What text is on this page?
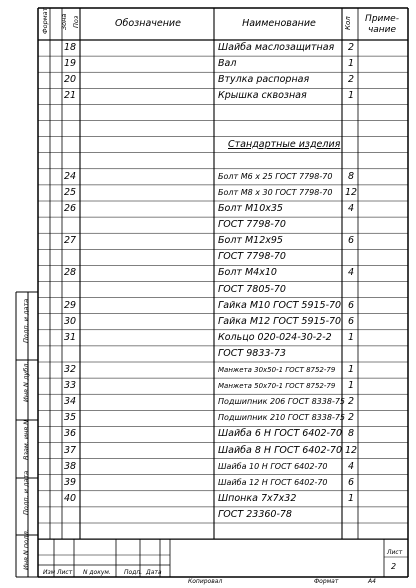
Формат Зона Поз	Обозначение	Наименование	Кол	Приме-
чание
18	Шайба маслозащитная	2
19	Вал	1
20	Втулка распорная	2
21	Крышка сквозная	1
Стандартные изделия
24	Болт М6 х 25 ГОСТ 7798-70	8
25	Болт М8 х 30 ГОСТ 7798-70 12
26	Болт М10х35	4
ГОСТ 7798-70
27	Болт М12х95	6
ГОСТ 7798-70
28	Болт М4х10	4
ГОСТ 7805-70
29	Гайка М10 ГОСТ 5915-70 6
30	Гайка М12 ГОСТ 5915-70 6
31	Кольцо 020-024-30-2-2	1
ГОСТ 9833-73
32	Манжета 30х50-1 ГОСТ 8752-79	1
33	Манжета 50х70-1 ГОСТ 8752-79	1
34	Подшипник 206 ГОСТ 8338-75 2
35	Подшипник 210 ГОСТ 8338-75 2
36	Шайба 6 Н ГОСТ 6402-70 8
37	Шайба 8 Н ГОСТ 6402-70 12
38	Шайба 10 Н ГОСТ 6402-70	4
39	Шайба 12 Н ГОСТ 6402-70	6
40	Шпонка 7х7х32	1
ГОСТ 23360-78
Подп. и дата
Инв.N дубл.
Взам. инв.N
Подп. и дата
Инв.N подл.
Изм Лист N докум. Подп. Дата
Лист
2
Копировал	Формат	А4
